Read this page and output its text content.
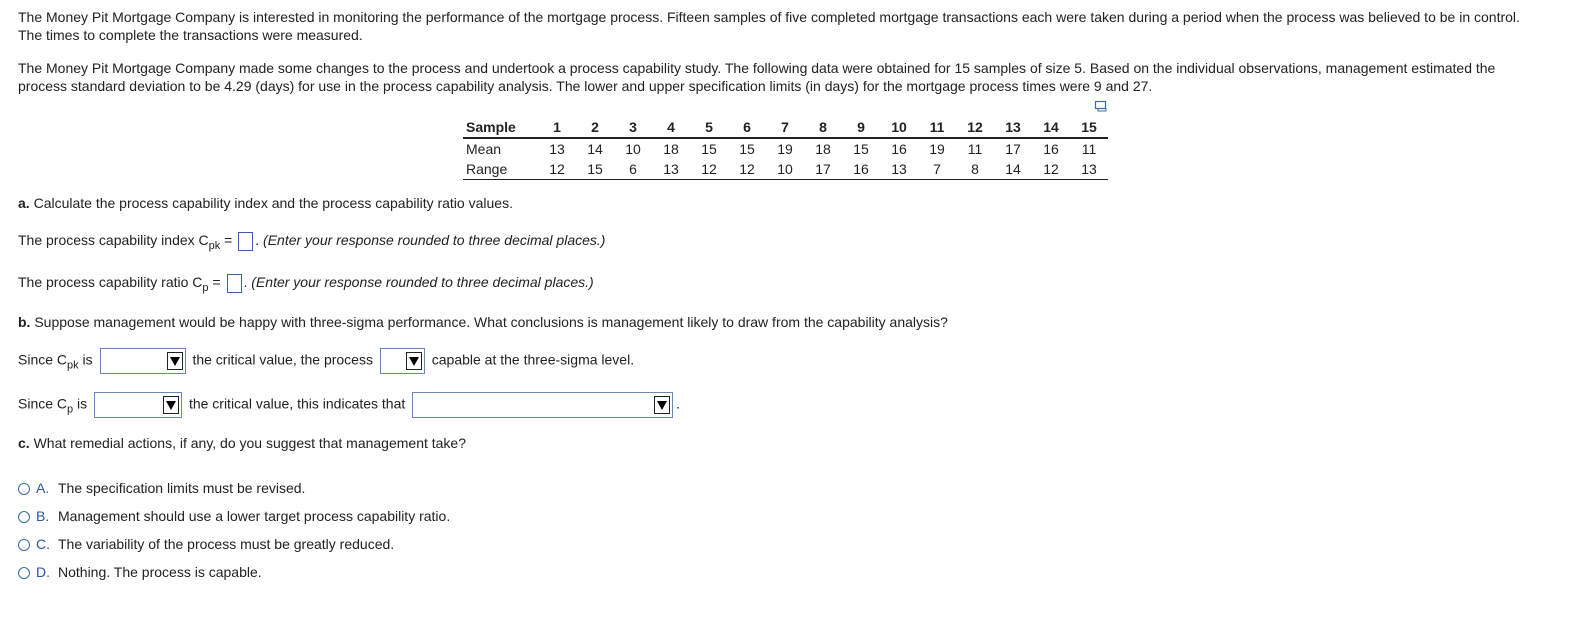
The Money Pit Mortgage Company is interested in monitoring the performance of the mortgage process. Fifteen samples of five completed mortgage transactions each were taken during a period when the process was believed to be in control. The times to complete the transactions were measured.

The Money Pit Mortgage Company made some changes to the process and undertook a process capability study. The following data were obtained for 15 samples of size 5. Based on the individual observations, management estimated the process standard deviation to be 4.29 (days) for use in the process capability analysis. The lower and upper specification limits (in days) for the mortgage process times were 9 and 27.

Sample	1	2	3	4	5	6	7	8	9	10	11	12	13	14	15
Mean	13	14	10	18	15	15	19	18	15	16	19	11	17	16	11
Range	12	15	6	13	12	12	10	17	16	13	7	8	14	12	13
a. Calculate the process capability index and the process capability ratio values.
The process capability index $C_{pk}$ = . (Enter your response rounded to three decimal places.)
The process capability ratio $C_p$ = . (Enter your response rounded to three decimal places.)
b. Suppose management would be happy with three-sigma performance. What conclusions is management likely to draw from the capability analysis?
Since $C_{pk}$ is	the critical value, the process	capable at the three-sigma level.
Since $C_p$ is	the critical value, this indicates that	.
c. What remedial actions, if any, do you suggest that management take?
A. The specification limits must be revised.
B. Management should use a lower target process capability ratio.
C. The variability of the process must be greatly reduced.
D. Nothing. The process is capable.
